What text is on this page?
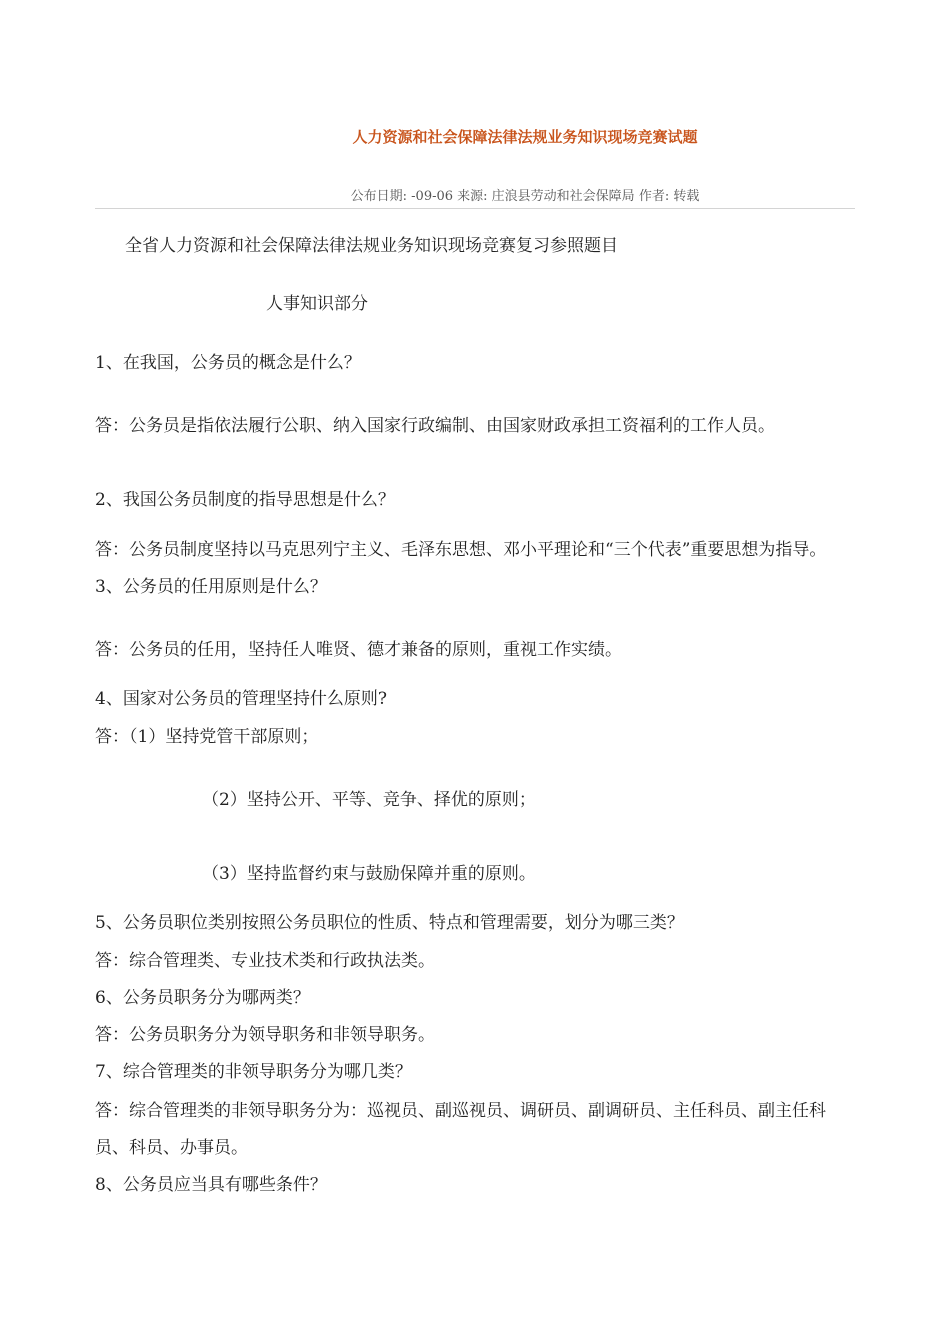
人力资源和社会保障法律法规业务知识现场竞赛试题
公布日期: -09-06 来源: 庄浪县劳动和社会保障局 作者: 转载
全省人力资源和社会保障法律法规业务知识现场竞赛复习参照题目
人事知识部分
1、在我国，公务员的概念是什么？
答：公务员是指依法履行公职、纳入国家行政编制、由国家财政承担工资福利的工作人员。
2、我国公务员制度的指导思想是什么？
答：公务员制度坚持以马克思列宁主义、毛泽东思想、邓小平理论和“三个代表”重要思想为指导。
3、公务员的任用原则是什么？
答：公务员的任用，坚持任人唯贤、德才兼备的原则，重视工作实绩。
4、国家对公务员的管理坚持什么原则?
答：（1）坚持党管干部原则；
（2）坚持公开、平等、竞争、择优的原则；
（3）坚持监督约束与鼓励保障并重的原则。
5、公务员职位类别按照公务员职位的性质、特点和管理需要，划分为哪三类？
答：综合管理类、专业技术类和行政执法类。
6、公务员职务分为哪两类？
答：公务员职务分为领导职务和非领导职务。
7、综合管理类的非领导职务分为哪几类？
答：综合管理类的非领导职务分为：巡视员、副巡视员、调研员、副调研员、主任科员、副主任科
员、科员、办事员。
8、公务员应当具有哪些条件？
